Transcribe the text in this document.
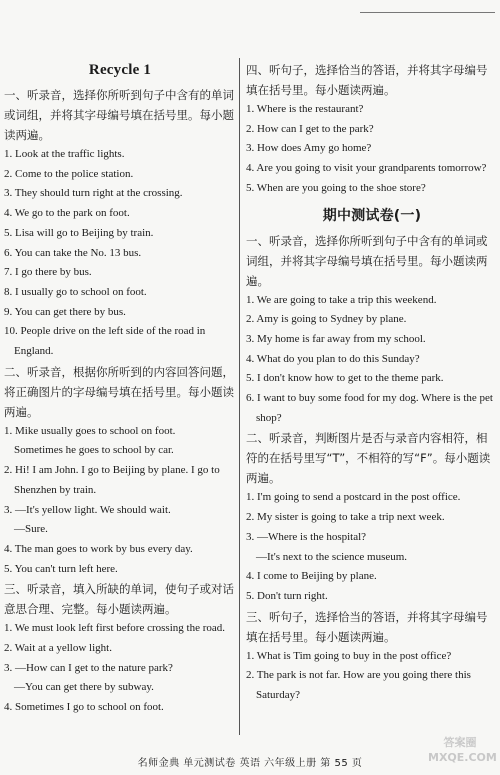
Recycle 1

一、听录音，选择你所听到句子中含有的单词或词组，并将其字母编号填在括号里。每小题读两遍。

1. Look at the traffic lights.

2. Come to the police station.

3. They should turn right at the crossing.

4. We go to the park on foot.

5. Lisa will go to Beijing by train.

6. You can take the No. 13 bus.

7. I go there by bus.

8. I usually go to school on foot.

9. You can get there by bus.

10. People drive on the left side of the road in England.

二、听录音，根据你所听到的内容回答问题，将正确图片的字母编号填在括号里。每小题读两遍。

1. Mike usually goes to school on foot.

Sometimes he goes to school by car.

2. Hi! I am John. I go to Beijing by plane. I go to Shenzhen by train.

3. —It's yellow light. We should wait.

—Sure.

4. The man goes to work by bus every day.

5. You can't turn left here.

三、听录音，填入所缺的单词，使句子或对话意思合理、完整。每小题读两遍。

1. We must look left first before crossing the road.

2. Wait at a yellow light.

3. —How can I get to the nature park?

—You can get there by subway.

4. Sometimes I go to school on foot.

四、听句子，选择恰当的答语，并将其字母编号填在括号里。每小题读两遍。

1. Where is the restaurant?

2. How can I get to the park?

3. How does Amy go home?

4. Are you going to visit your grandparents tomorrow?

5. When are you going to the shoe store?

期中测试卷(一)

一、听录音，选择你所听到句子中含有的单词或词组，并将其字母编号填在括号里。每小题读两遍。

1. We are going to take a trip this weekend.

2. Amy is going to Sydney by plane.

3. My home is far away from my school.

4. What do you plan to do this Sunday?

5. I don't know how to get to the theme park.

6. I want to buy some food for my dog. Where is the pet shop?

二、听录音，判断图片是否与录音内容相符，相符的在括号里写“T”，不相符的写“F”。每小题读两遍。

1. I'm going to send a postcard in the post office.

2. My sister is going to take a trip next week.

3. —Where is the hospital?

—It's next to the science museum.

4. I come to Beijing by plane.

5. Don't turn right.

三、听句子，选择恰当的答语，并将其字母编号填在括号里。每小题读两遍。

1. What is Tim going to buy in the post office?

2. The park is not far. How are you going there this Saturday?

名师金典 单元测试卷 英语 六年级上册 第 55 页
答案圈 MXQE.COM
